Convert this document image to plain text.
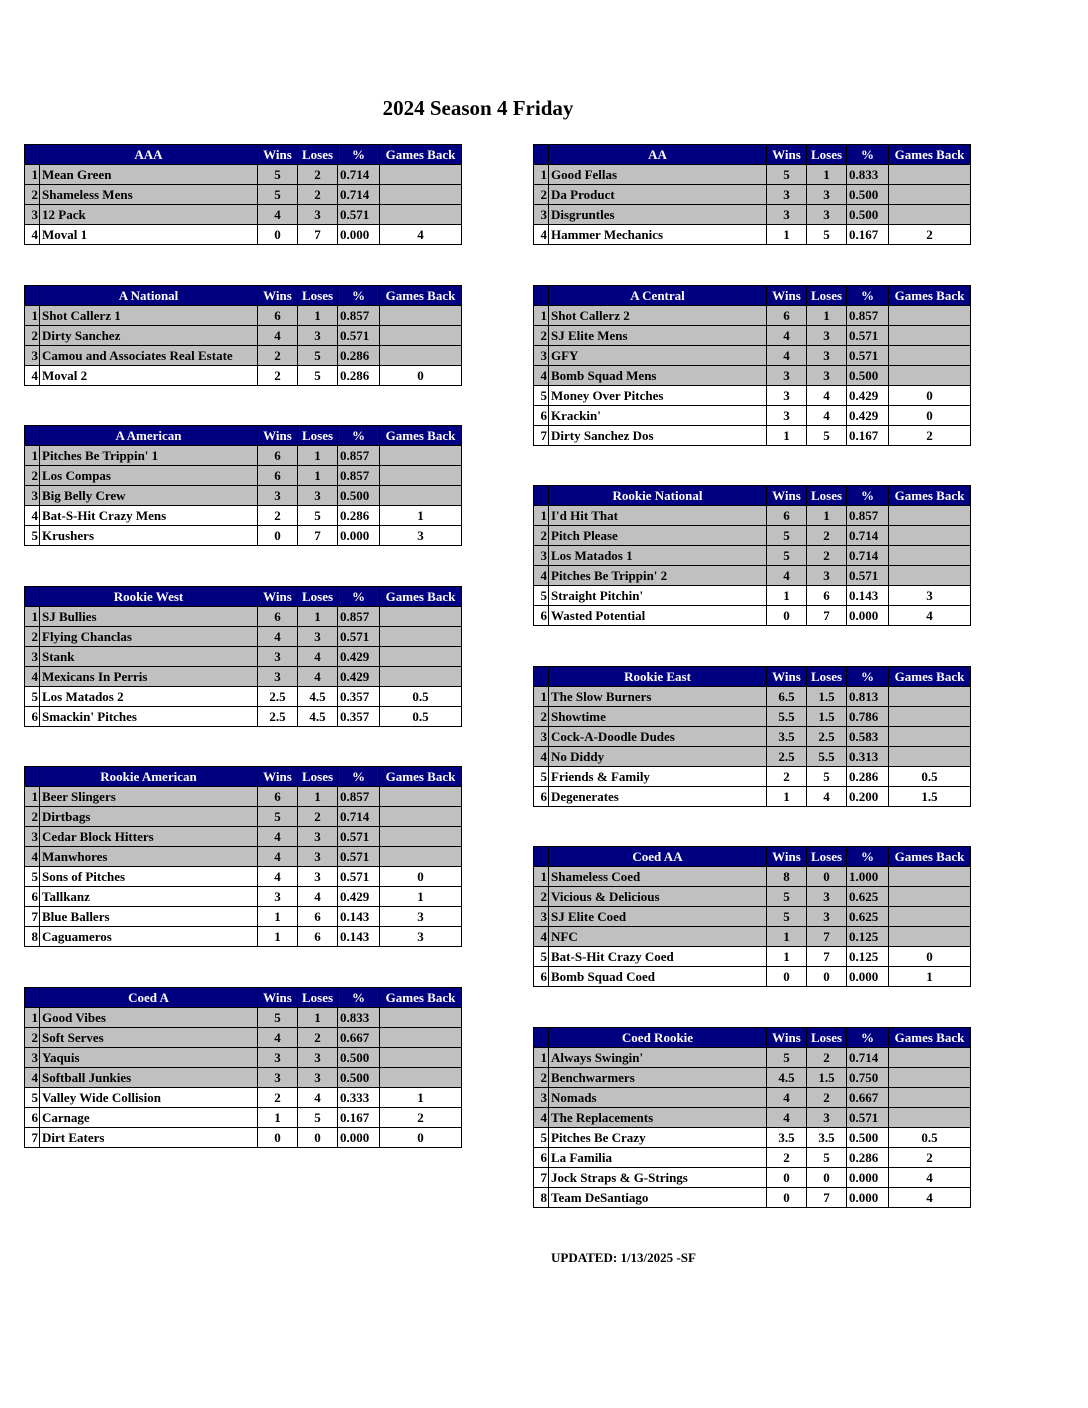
2024 Season 4 Friday
	AAA	Wins	Loses	%	Games Back
1	Mean Green	5	2	0.714	
2	Shameless Mens	5	2	0.714	
3	12 Pack	4	3	0.571	
4	Moval 1	0	7	0.000	4
	AA	Wins	Loses	%	Games Back
1	Good Fellas	5	1	0.833	
2	Da Product	3	3	0.500	
3	Disgruntles	3	3	0.500	
4	Hammer Mechanics	1	5	0.167	2
	A National	Wins	Loses	%	Games Back
1	Shot Callerz 1	6	1	0.857	
2	Dirty Sanchez	4	3	0.571	
3	Camou and Associates Real Estate	2	5	0.286	
4	Moval 2	2	5	0.286	0
	A Central	Wins	Loses	%	Games Back
1	Shot Callerz 2	6	1	0.857	
2	SJ Elite Mens	4	3	0.571	
3	GFY	4	3	0.571	
4	Bomb Squad Mens	3	3	0.500	
5	Money Over Pitches	3	4	0.429	0
6	Krackin'	3	4	0.429	0
7	Dirty Sanchez Dos	1	5	0.167	2
	A American	Wins	Loses	%	Games Back
1	Pitches Be Trippin' 1	6	1	0.857	
2	Los Compas	6	1	0.857	
3	Big Belly Crew	3	3	0.500	
4	Bat-S-Hit Crazy Mens	2	5	0.286	1
5	Krushers	0	7	0.000	3
	Rookie National	Wins	Loses	%	Games Back
1	I'd Hit That	6	1	0.857	
2	Pitch Please	5	2	0.714	
3	Los Matados 1	5	2	0.714	
4	Pitches Be Trippin' 2	4	3	0.571	
5	Straight Pitchin'	1	6	0.143	3
6	Wasted Potential	0	7	0.000	4
	Rookie West	Wins	Loses	%	Games Back
1	SJ Bullies	6	1	0.857	
2	Flying Chanclas	4	3	0.571	
3	Stank	3	4	0.429	
4	Mexicans In Perris	3	4	0.429	
5	Los Matados 2	2.5	4.5	0.357	0.5
6	Smackin' Pitches	2.5	4.5	0.357	0.5
	Rookie East	Wins	Loses	%	Games Back
1	The Slow Burners	6.5	1.5	0.813	
2	Showtime	5.5	1.5	0.786	
3	Cock-A-Doodle Dudes	3.5	2.5	0.583	
4	No Diddy	2.5	5.5	0.313	
5	Friends & Family	2	5	0.286	0.5
6	Degenerates	1	4	0.200	1.5
	Rookie American	Wins	Loses	%	Games Back
1	Beer Slingers	6	1	0.857	
2	Dirtbags	5	2	0.714	
3	Cedar Block Hitters	4	3	0.571	
4	Manwhores	4	3	0.571	
5	Sons of Pitches	4	3	0.571	0
6	Tallkanz	3	4	0.429	1
7	Blue Ballers	1	6	0.143	3
8	Caguameros	1	6	0.143	3
	Coed AA	Wins	Loses	%	Games Back
1	Shameless Coed	8	0	1.000	
2	Vicious & Delicious	5	3	0.625	
3	SJ Elite Coed	5	3	0.625	
4	NFC	1	7	0.125	
5	Bat-S-Hit Crazy Coed	1	7	0.125	0
6	Bomb Squad Coed	0	0	0.000	1
	Coed A	Wins	Loses	%	Games Back
1	Good Vibes	5	1	0.833	
2	Soft Serves	4	2	0.667	
3	Yaquis	3	3	0.500	
4	Softball Junkies	3	3	0.500	
5	Valley Wide Collision	2	4	0.333	1
6	Carnage	1	5	0.167	2
7	Dirt Eaters	0	0	0.000	0
	Coed Rookie	Wins	Loses	%	Games Back
1	Always Swingin'	5	2	0.714	
2	Benchwarmers	4.5	1.5	0.750	
3	Nomads	4	2	0.667	
4	The Replacements	4	3	0.571	
5	Pitches Be Crazy	3.5	3.5	0.500	0.5
6	La Familia	2	5	0.286	2
7	Jock Straps & G-Strings	0	0	0.000	4
8	Team DeSantiago	0	7	0.000	4
UPDATED: 1/13/2025 -SF
